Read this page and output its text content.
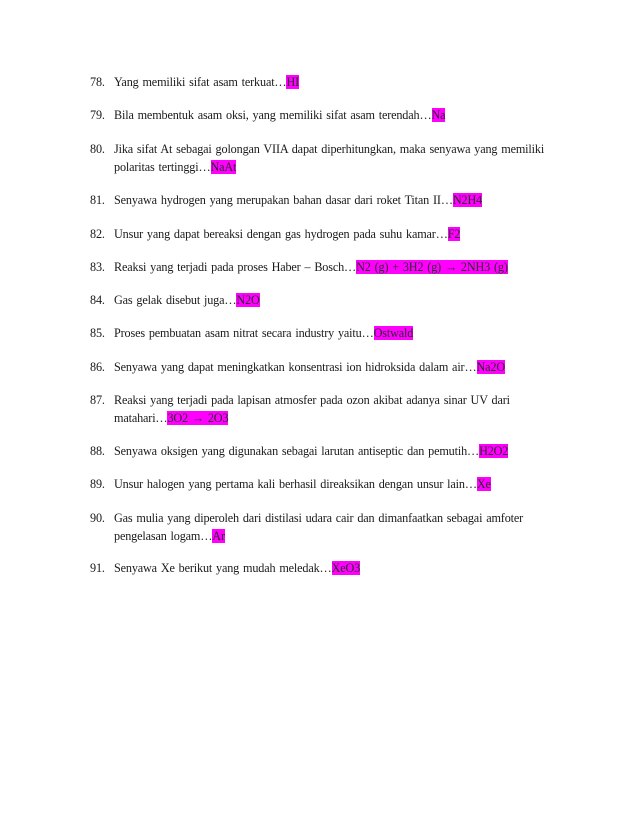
78. Yang memiliki sifat asam terkuat…HI
79. Bila membentuk asam oksi, yang memiliki sifat asam terendah…Na
80. Jika sifat At sebagai golongan VIIA dapat diperhitungkan, maka senyawa yang memiliki
polaritas tertinggi…NaAt
81. Senyawa hydrogen yang merupakan bahan dasar dari roket Titan II…N2H4
82. Unsur yang dapat bereaksi dengan gas hydrogen pada suhu kamar…F2
83. Reaksi yang terjadi pada proses Haber – Bosch…N2 (g) + 3H2 (g) → 2NH3 (g)
84. Gas gelak disebut juga…N2O
85. Proses pembuatan asam nitrat secara industry yaitu…Ostwald
86. Senyawa yang dapat meningkatkan konsentrasi ion hidroksida dalam air…Na2O
87. Reaksi yang terjadi pada lapisan atmosfer pada ozon akibat adanya sinar UV dari
matahari…3O2 → 2O3
88. Senyawa oksigen yang digunakan sebagai larutan antiseptic dan pemutih…H2O2
89. Unsur halogen yang pertama kali berhasil direaksikan dengan unsur lain…Xe
90. Gas mulia yang diperoleh dari distilasi udara cair dan dimanfaatkan sebagai amfoter
pengelasan logam…Ar
91. Senyawa Xe berikut yang mudah meledak…XeO3
